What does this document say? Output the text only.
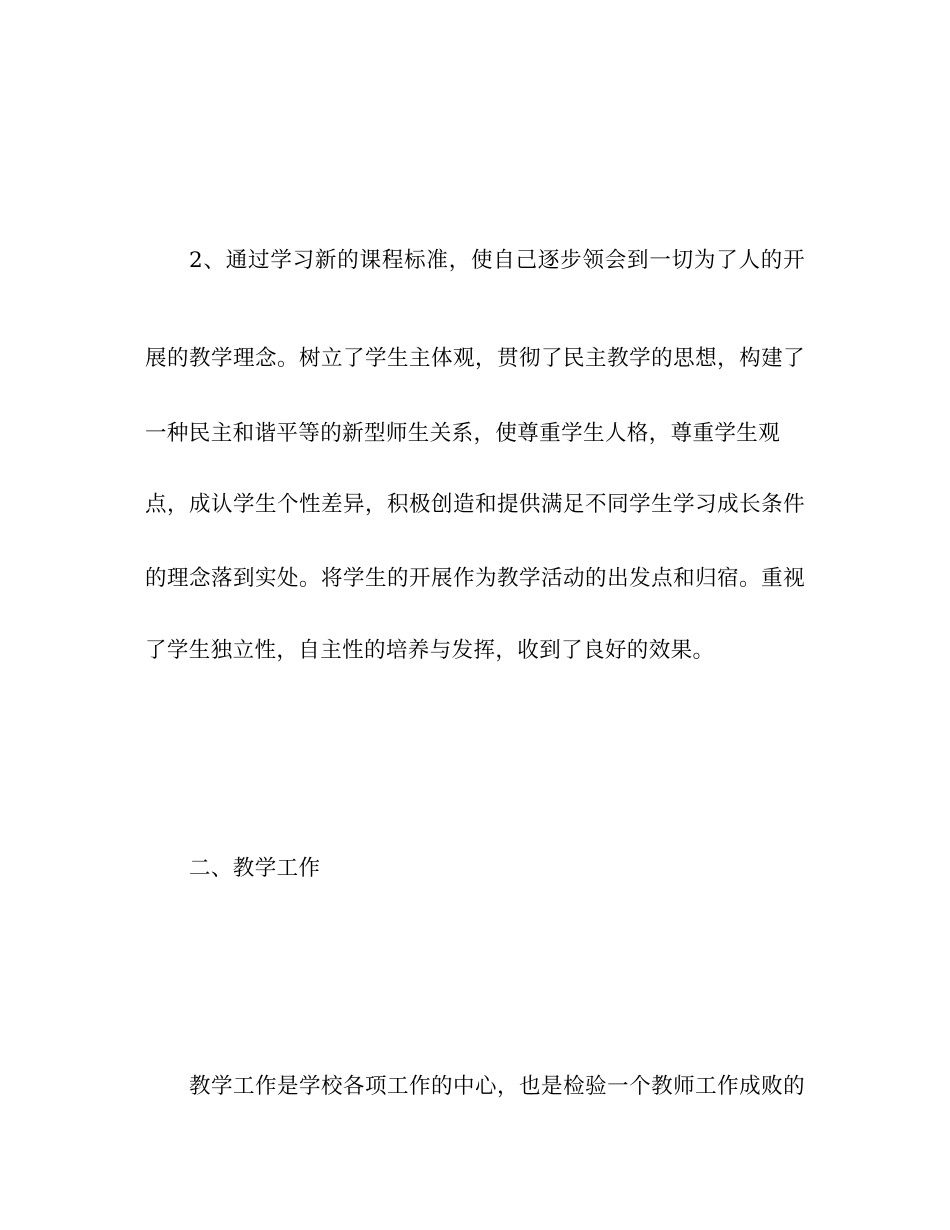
2、通过学习新的课程标准，使自己逐步领会到一切为了人的开
展的教学理念。树立了学生主体观，贯彻了民主教学的思想，构建了
一种民主和谐平等的新型师生关系，使尊重学生人格，尊重学生观
点，成认学生个性差异，积极创造和提供满足不同学生学习成长条件
的理念落到实处。将学生的开展作为教学活动的出发点和归宿。重视
了学生独立性，自主性的培养与发挥，收到了良好的效果。
二、教学工作
教学工作是学校各项工作的中心，也是检验一个教师工作成败的
